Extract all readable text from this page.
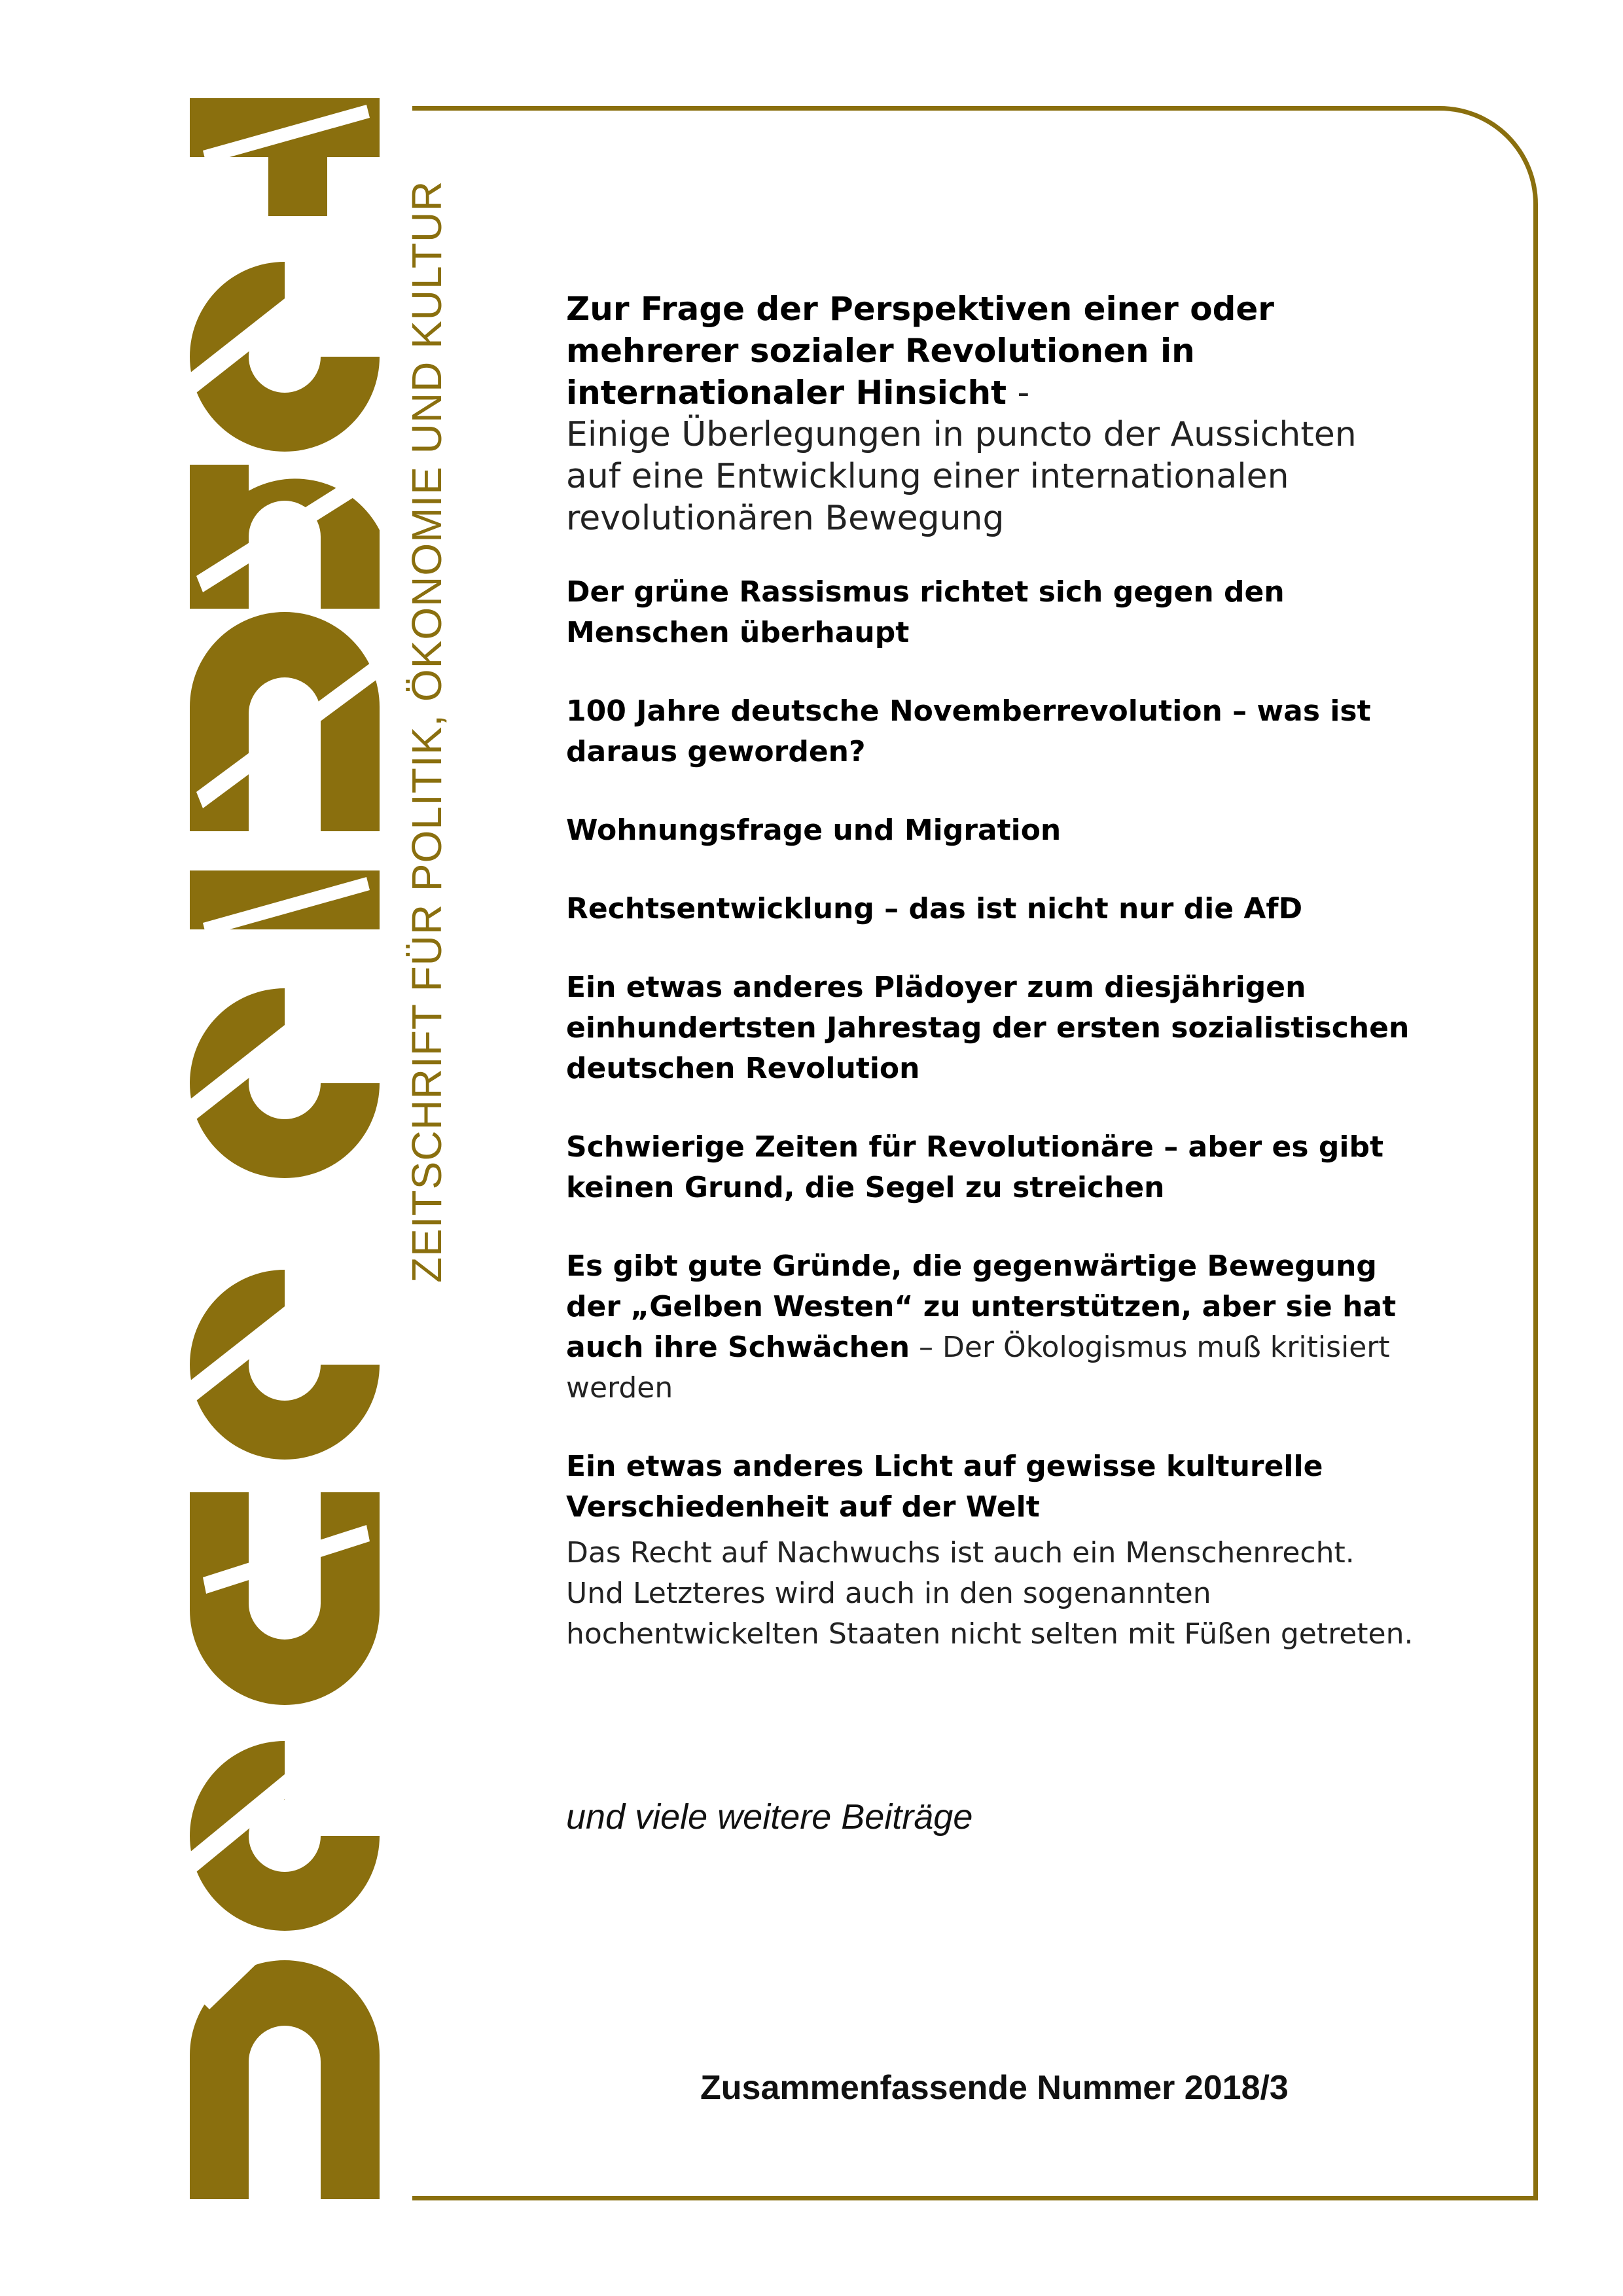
ZEITSCHRIFT FÜR POLITIK, ÖKONOMIE UND KULTUR	Zur Frage der Perspektiven einer oder mehrerer sozialer Revolutionen in internationaler Hinsicht -
Einige Überlegungen in puncto der Aussichten auf eine Entwicklung einer internationalen revolutionären Bewegung
Der grüne Rassismus richtet sich gegen den Menschen überhaupt
100 Jahre deutsche Novemberrevolution – was ist daraus geworden?
Wohnungsfrage und Migration
Rechtsentwicklung – das ist nicht nur die AfD
Ein etwas anderes Plädoyer zum diesjährigen einhundertsten Jahrestag der ersten sozialistischen deutschen Revolution
Schwierige Zeiten für Revolutionäre – aber es gibt keinen Grund, die Segel zu streichen
Es gibt gute Gründe, die gegenwärtige Bewegung der „Gelben Westen“ zu unterstützen, aber sie hat auch ihre Schwächen – Der Ökologismus muß kritisiert werden
Ein etwas anderes Licht auf gewisse kulturelle Verschiedenheit auf der Welt
Das Recht auf Nachwuchs ist auch ein Menschenrecht. Und Letzteres wird auch in den sogenannten hochentwickelten Staaten nicht selten mit Füßen getreten.
und viele weitere Beiträge
Zusammenfassende Nummer 2018/3
